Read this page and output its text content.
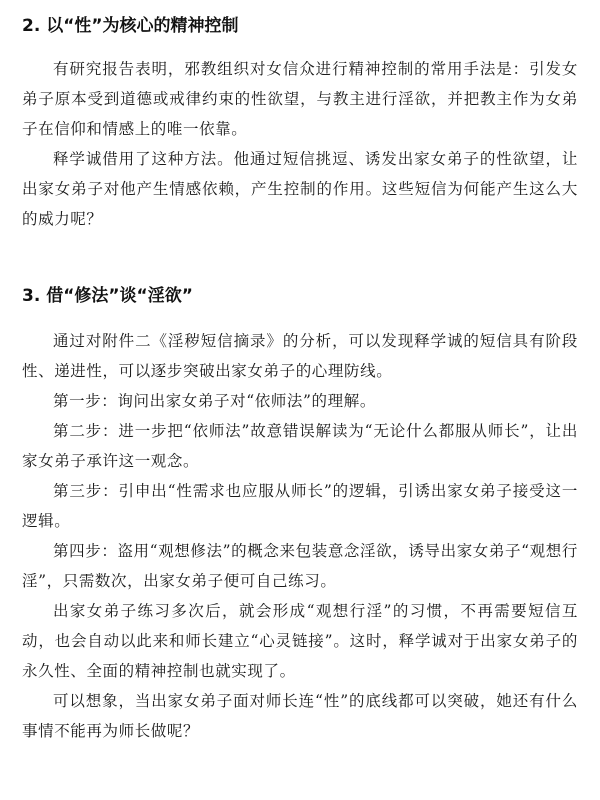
2. 以“性”为核心的精神控制

有研究报告表明，邪教组织对女信众进行精神控制的常用手法是：引发女弟子原本受到道德或戒律约束的性欲望，与教主进行淫欲，并把教主作为女弟子在信仰和情感上的唯一依靠。

释学诚借用了这种方法。他通过短信挑逗、诱发出家女弟子的性欲望，让出家女弟子对他产生情感依赖，产生控制的作用。这些短信为何能产生这么大的威力呢？

3. 借“修法”谈“淫欲”

通过对附件二《淫秽短信摘录》的分析，可以发现释学诚的短信具有阶段性、递进性，可以逐步突破出家女弟子的心理防线。

第一步：询问出家女弟子对“依师法”的理解。

第二步：进一步把“依师法”故意错误解读为“无论什么都服从师长”，让出家女弟子承许这一观念。

第三步：引申出“性需求也应服从师长”的逻辑，引诱出家女弟子接受这一逻辑。

第四步：盗用“观想修法”的概念来包装意念淫欲，诱导出家女弟子“观想行淫”，只需数次，出家女弟子便可自己练习。

出家女弟子练习多次后，就会形成“观想行淫”的习惯，不再需要短信互动，也会自动以此来和师长建立“心灵链接”。这时，释学诚对于出家女弟子的永久性、全面的精神控制也就实现了。

可以想象，当出家女弟子面对师长连“性”的底线都可以突破，她还有什么事情不能再为师长做呢？
